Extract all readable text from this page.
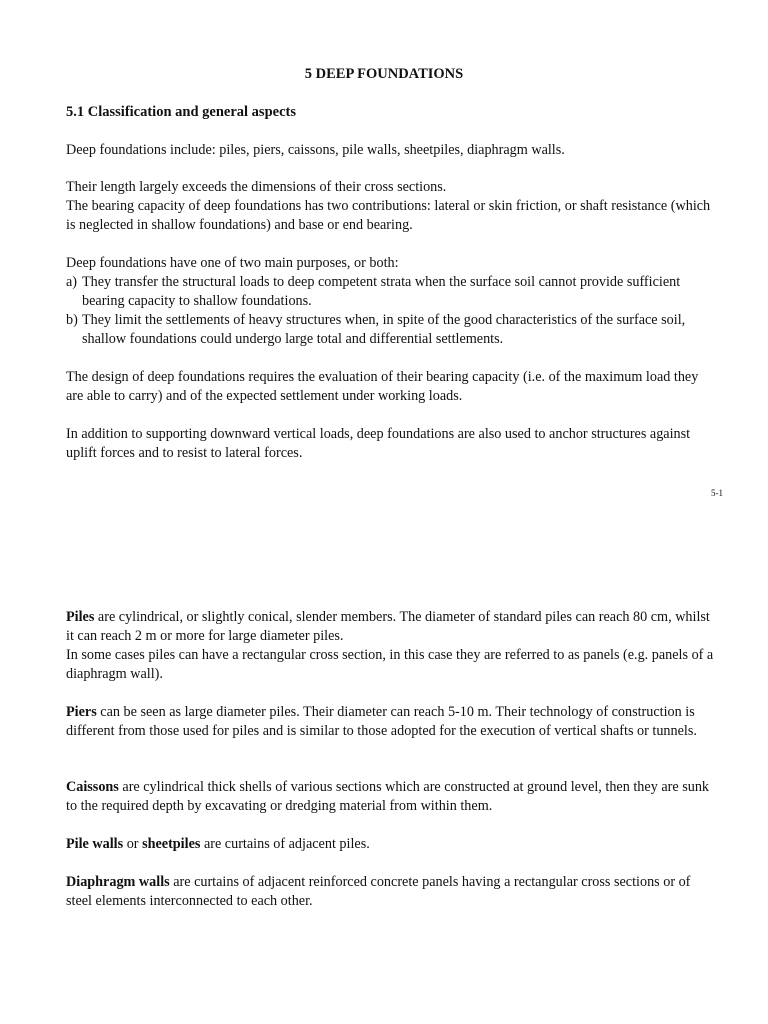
5 DEEP FOUNDATIONS

5.1 Classification and general aspects

Deep foundations include: piles, piers, caissons, pile walls, sheetpiles, diaphragm walls.

Their length largely exceeds the dimensions of their cross sections.
The bearing capacity of deep foundations has two contributions: lateral or skin friction, or shaft resistance (which is neglected in shallow foundations) and base or end bearing.

Deep foundations have one of two main purposes, or both:

a) They transfer the structural loads to deep competent strata when the surface soil cannot provide sufficient bearing capacity to shallow foundations.
b) They limit the settlements of heavy structures when, in spite of the good characteristics of the surface soil, shallow foundations could undergo large total and differential settlements.

The design of deep foundations requires the evaluation of their bearing capacity (i.e. of the maximum load they are able to carry) and of the expected settlement under working loads.

In addition to supporting downward vertical loads, deep foundations are also used to anchor structures against uplift forces and to resist to lateral forces.

5-1
Piles are cylindrical, or slightly conical, slender members. The diameter of standard piles can reach 80 cm, whilst it can reach 2 m or more for large diameter piles.
In some cases piles can have a rectangular cross section, in this case they are referred to as panels (e.g. panels of a diaphragm wall).

Piers can be seen as large diameter piles. Their diameter can reach 5-10 m. Their technology of construction is different from those used for piles and is similar to those adopted for the execution of vertical shafts or tunnels.

Caissons are cylindrical thick shells of various sections which are constructed at ground level, then they are sunk to the required depth by excavating or dredging material from within them.

Pile walls or sheetpiles are curtains of adjacent piles.

Diaphragm walls are curtains of adjacent reinforced concrete panels having a rectangular cross sections or of steel elements interconnected to each other.
